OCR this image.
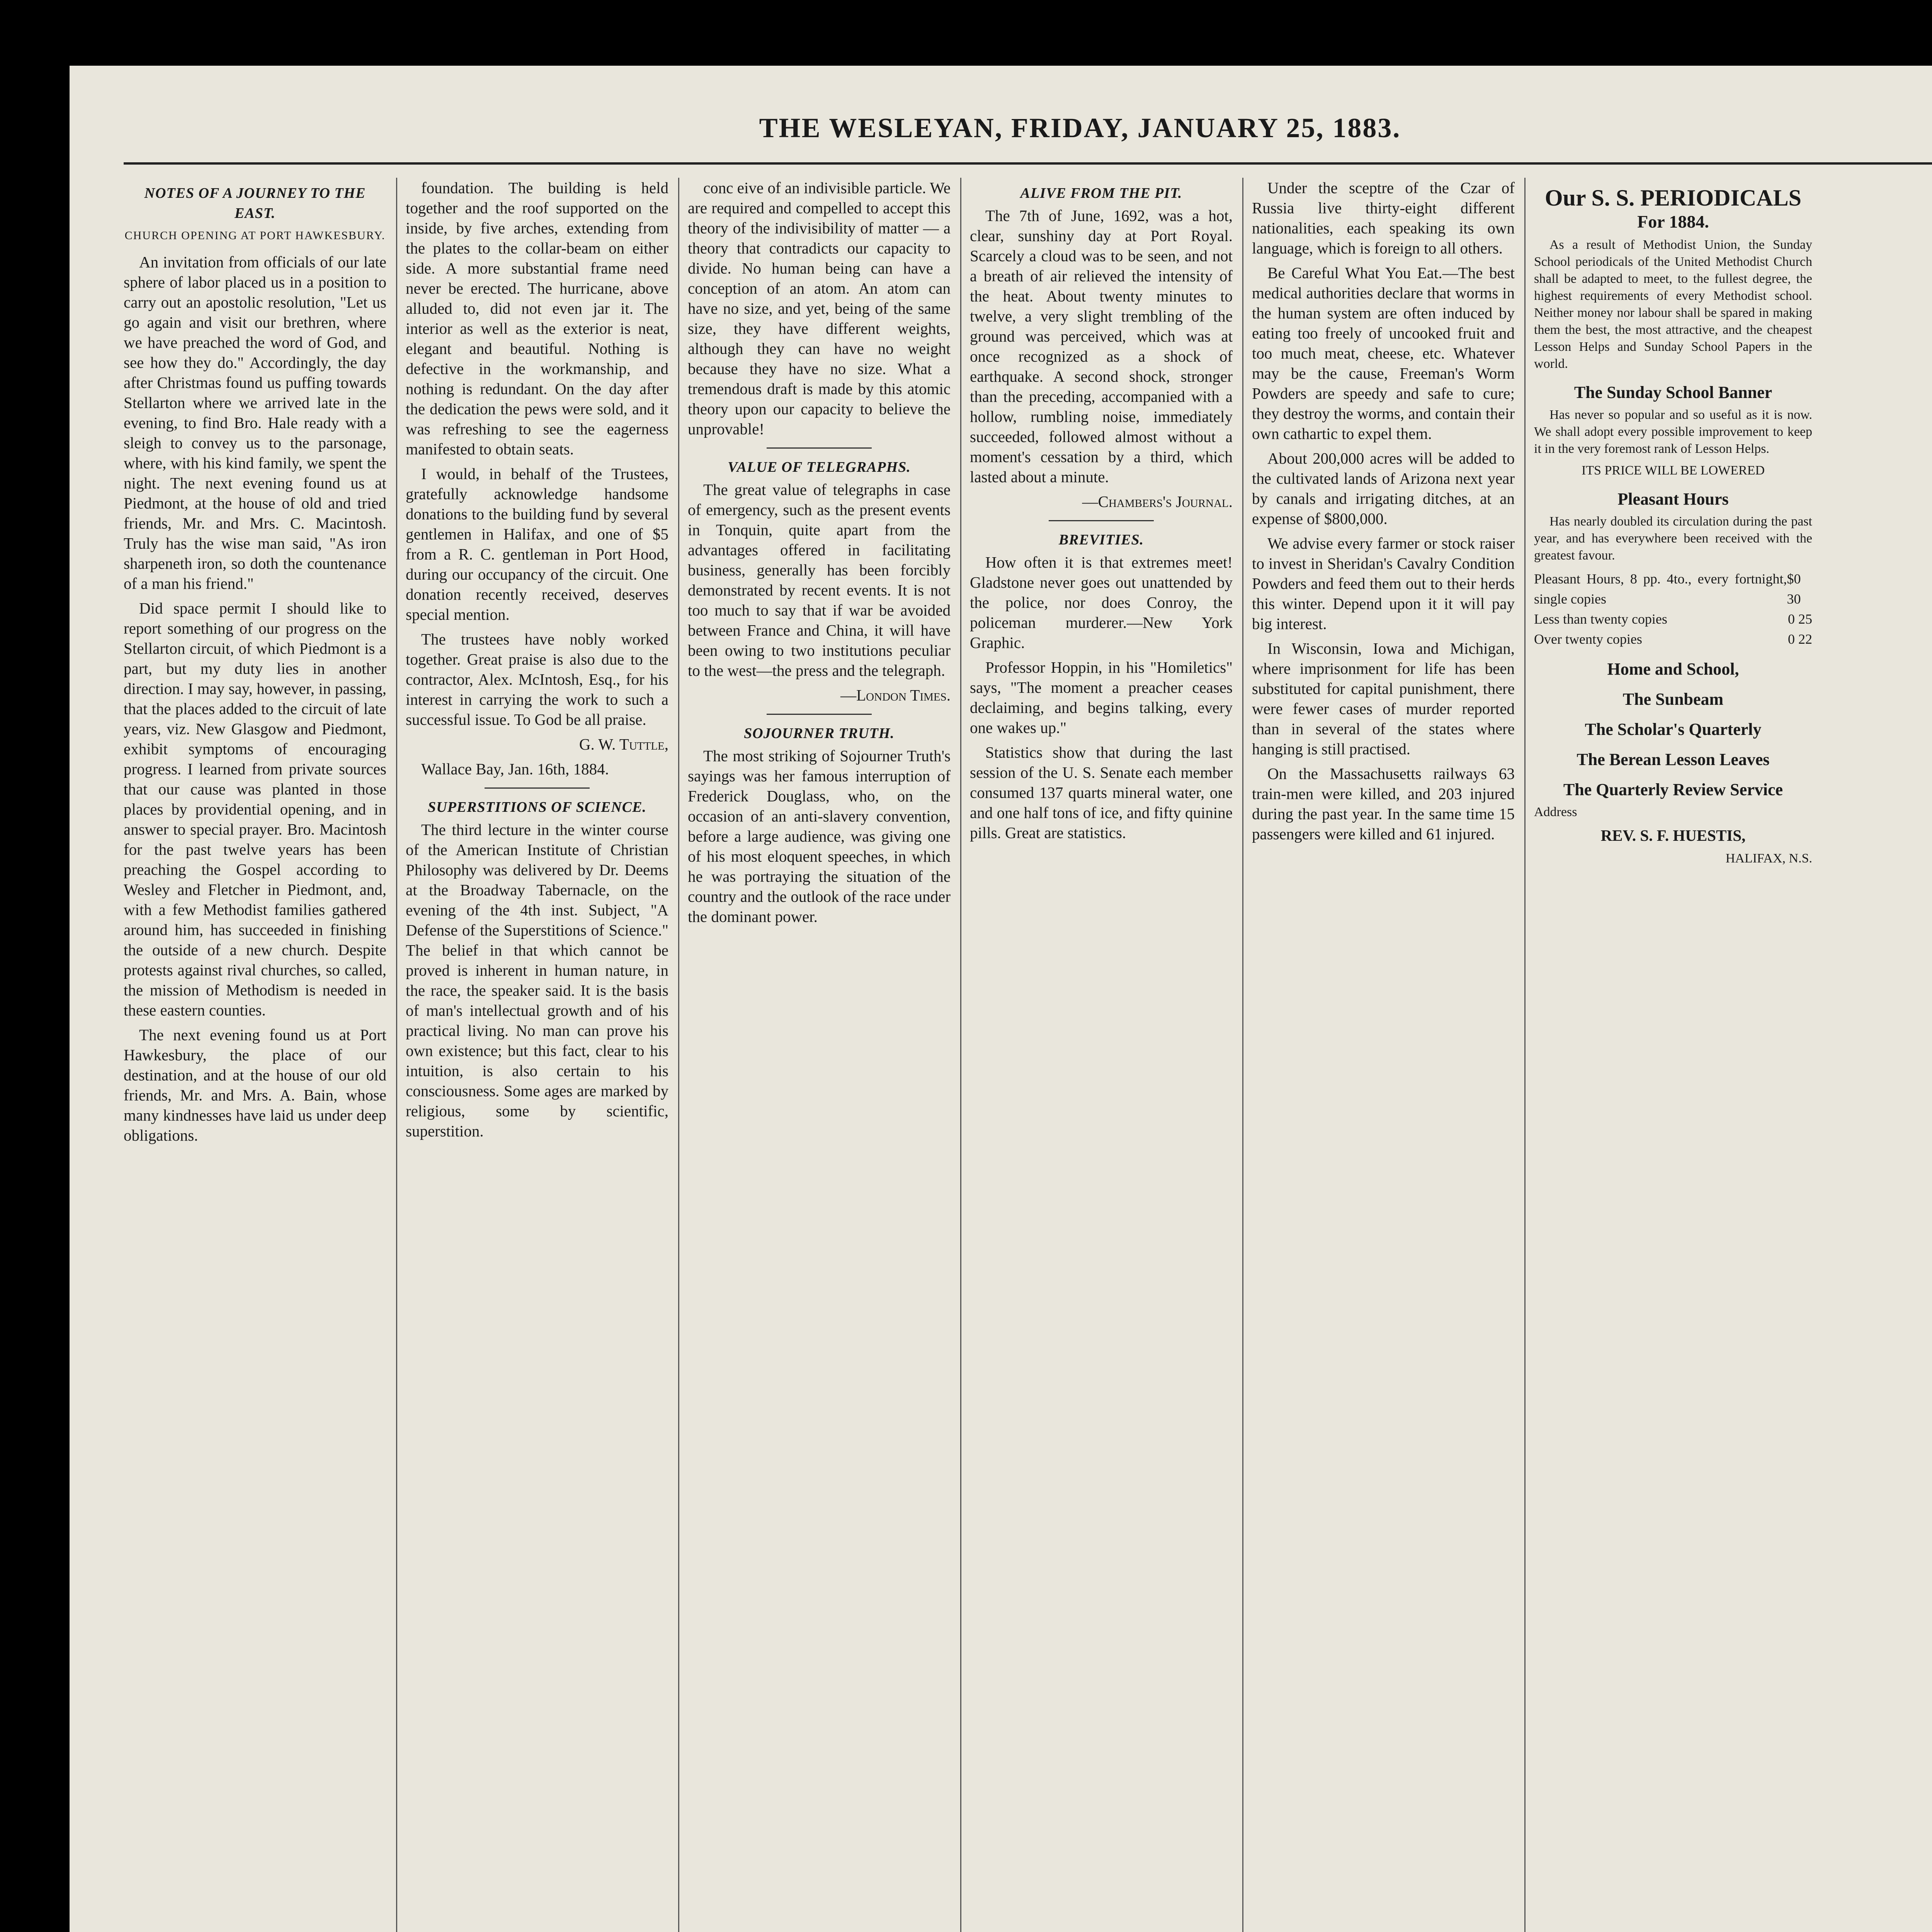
THE WESLEYAN, FRIDAY, JANUARY 25, 1883.

NOTES OF A JOURNEY TO THE EAST.

CHURCH OPENING AT PORT HAWKESBURY.

An invitation from officials of our late sphere of labor placed us in a position to carry out an apostolic resolution, "Let us go again and visit our brethren, where we have preached the word of God, and see how they do." Accordingly, the day after Christmas found us puffing towards Stellarton where we arrived late in the evening, to find Bro. Hale ready with a sleigh to convey us to the parsonage, where, with his kind family, we spent the night. The next evening found us at Piedmont, at the house of old and tried friends, Mr. and Mrs. C. Macintosh. Truly has the wise man said, "As iron sharpeneth iron, so doth the countenance of a man his friend."

Did space permit I should like to report something of our progress on the Stellarton circuit, of which Piedmont is a part, but my duty lies in another direction. I may say, however, in passing, that the places added to the circuit of late years, viz. New Glasgow and Piedmont, exhibit symptoms of encouraging progress. I learned from private sources that our cause was planted in those places by providential opening, and in answer to special prayer. Bro. Macintosh for the past twelve years has been preaching the Gospel according to Wesley and Fletcher in Piedmont, and, with a few Methodist families gathered around him, has succeeded in finishing the outside of a new church. Despite protests against rival churches, so called, the mission of Methodism is needed in these eastern counties.

The next evening found us at Port Hawkesbury, the place of our destination, and at the house of our old friends, Mr. and Mrs. A. Bain, whose many kindnesses have laid us under deep obligations.

foundation. The building is held together and the roof supported on the inside, by five arches, extending from the plates to the collar-beam on either side. A more substantial frame need never be erected. The hurricane, above alluded to, did not even jar it. The interior as well as the exterior is neat, elegant and beautiful. Nothing is defective in the workmanship, and nothing is redundant. On the day after the dedication the pews were sold, and it was refreshing to see the eagerness manifested to obtain seats.

I would, in behalf of the Trustees, gratefully acknowledge handsome donations to the building fund by several gentlemen in Halifax, and one of $5 from a R. C. gentleman in Port Hood, during our occupancy of the circuit. One donation recently received, deserves special mention.

The trustees have nobly worked together. Great praise is also due to the contractor, Alex. McIntosh, Esq., for his interest in carrying the work to such a successful issue. To God be all praise.

G. W. Tuttle,

Wallace Bay, Jan. 16th, 1884.

SUPERSTITIONS OF SCIENCE.

The third lecture in the winter course of the American Institute of Christian Philosophy was delivered by Dr. Deems at the Broadway Tabernacle, on the evening of the 4th inst. Subject, "A Defense of the Superstitions of Science." The belief in that which cannot be proved is inherent in human nature, in the race, the speaker said. It is the basis of man's intellectual growth and of his practical living. No man can prove his own existence; but this fact, clear to his intuition, is also certain to his consciousness. Some ages are marked by religious, some by scientific, superstition.

conc eive of an indivisible particle. We are required and compelled to accept this theory of the indivisibility of matter — a theory that contradicts our capacity to divide. No human being can have a conception of an atom. An atom can have no size, and yet, being of the same size, they have different weights, although they can have no weight because they have no size. What a tremendous draft is made by this atomic theory upon our capacity to believe the unprovable!

VALUE OF TELEGRAPHS.

The great value of telegraphs in case of emergency, such as the present events in Tonquin, quite apart from the advantages offered in facilitating business, generally has been forcibly demonstrated by recent events. It is not too much to say that if war be avoided between France and China, it will have been owing to two institutions peculiar to the west—the press and the telegraph.

—London Times.

SOJOURNER TRUTH.

The most striking of Sojourner Truth's sayings was her famous interruption of Frederick Douglass, who, on the occasion of an anti-slavery convention, before a large audience, was giving one of his most eloquent speeches, in which he was portraying the situation of the country and the outlook of the race under the dominant power.

ALIVE FROM THE PIT.

The 7th of June, 1692, was a hot, clear, sunshiny day at Port Royal. Scarcely a cloud was to be seen, and not a breath of air relieved the intensity of the heat. About twenty minutes to twelve, a very slight trembling of the ground was perceived, which was at once recognized as a shock of earthquake. A second shock, stronger than the preceding, accompanied with a hollow, rumbling noise, immediately succeeded, followed almost without a moment's cessation by a third, which lasted about a minute.

—Chambers's Journal.

BREVITIES.

How often it is that extremes meet! Gladstone never goes out unattended by the police, nor does Conroy, the policeman murderer.—New York Graphic.

Professor Hoppin, in his "Homiletics" says, "The moment a preacher ceases declaiming, and begins talking, every one wakes up."

Statistics show that during the last session of the U. S. Senate each member consumed 137 quarts mineral water, one and one half tons of ice, and fifty quinine pills. Great are statistics.

Under the sceptre of the Czar of Russia live thirty-eight different nationalities, each speaking its own language, which is foreign to all others.

Be Careful What You Eat.—The best medical authorities declare that worms in the human system are often induced by eating too freely of uncooked fruit and too much meat, cheese, etc. Whatever may be the cause, Freeman's Worm Powders are speedy and safe to cure; they destroy the worms, and contain their own cathartic to expel them.

About 200,000 acres will be added to the cultivated lands of Arizona next year by canals and irrigating ditches, at an expense of $800,000.

We advise every farmer or stock raiser to invest in Sheridan's Cavalry Condition Powders and feed them out to their herds this winter. Depend upon it it will pay big interest.

In Wisconsin, Iowa and Michigan, where imprisonment for life has been substituted for capital punishment, there were fewer cases of murder reported than in several of the states where hanging is still practised.

On the Massachusetts railways 63 train-men were killed, and 203 injured during the past year. In the same time 15 passengers were killed and 61 injured.

Our S. S. PERIODICALS

For 1884.

As a result of Methodist Union, the Sunday School periodicals of the United Methodist Church shall be adapted to meet, to the fullest degree, the highest requirements of every Methodist school. Neither money nor labour shall be spared in making them the best, the most attractive, and the cheapest Lesson Helps and Sunday School Papers in the world.

The Sunday School Banner

Has never so popular and so useful as it is now. We shall adopt every possible improvement to keep it in the very foremost rank of Lesson Helps.

ITS PRICE WILL BE LOWERED

Pleasant Hours

Has nearly doubled its circulation during the past year, and has everywhere been received with the greatest favour.

Pleasant Hours, 8 pp. 4to., every fortnight, single copies
$0 30
Less than twenty copies	0 25
Over twenty copies	0 22

Home and School,

The Sunbeam

The Scholar's Quarterly

The Berean Lesson Leaves

The Quarterly Review Service

Address

REV. S. F. HUESTIS,

HALIFAX, N.S.
